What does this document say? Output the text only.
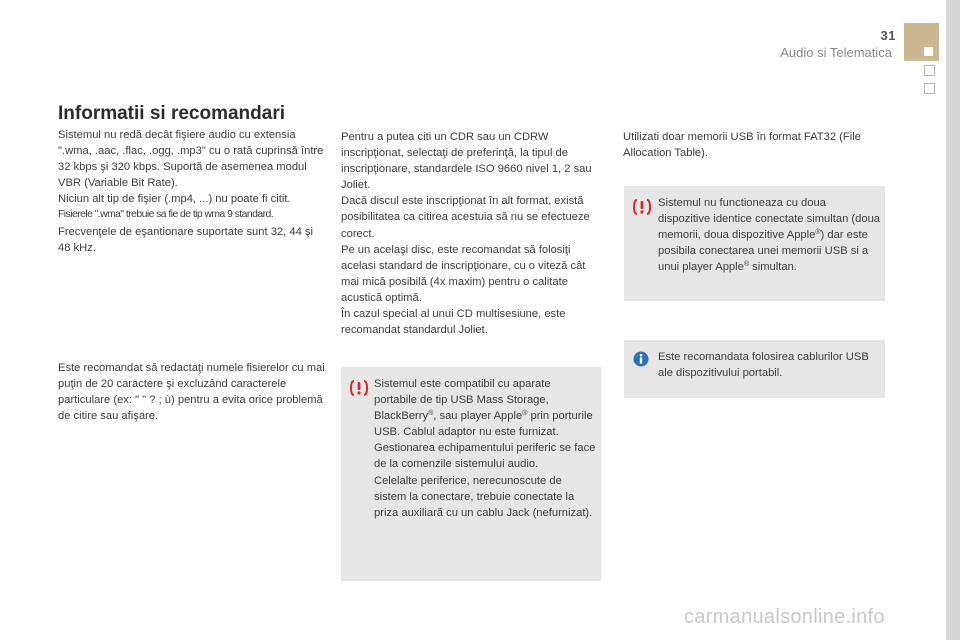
31
Audio si Telematica
Informatii si recomandari

Sistemul nu redă decât fişiere audio cu extensia ".wma, .aac, .flac, .ogg, .mp3" cu o rată cuprinsă între 32 kbps şi 320 kbps. Suportă de asemenea modul VBR (Variable Bit Rate).

Niciun alt tip de fişier (.mp4, ...) nu poate fi citit.

Fisierele ".wma" trebuie sa fie de tip wma 9 standard.

Frecvenţele de eşantionare suportate sunt 32, 44 şi 48 kHz.

Este recomandat să redactaţi numele fisierelor cu mai puţin de 20 caractere şi excluzând caracterele particulare (ex: " " ? ; ù) pentru a evita orice problemă de citire sau afişare.

Pentru a putea citi un CDR sau un CDRW inscripţionat, selectaţi de preferinţă, la tipul de inscripţionare, standardele ISO 9660 nivel 1, 2 sau Joliet.

Dacă discul este inscripţionat în alt format, există posibilitatea ca citirea acestuia să nu se efectueze corect.

Pe un acelaşi disc, este recomandat să folosiţi acelasi standard de inscripţionare, cu o viteză cât mai mică posibilă (4x maxim) pentru o calitate acustică optimă.

În cazul special al unui CD multisesiune, este recomandat standardul Joliet.

Sistemul este compatibil cu aparate portabile de tip USB Mass Storage, BlackBerry®, sau player Apple® prin porturile USB. Cablul adaptor nu este furnizat.

Gestionarea echipamentului periferic se face de la comenzile sistemului audio.

Celelalte periferice, nerecunoscute de sistem la conectare, trebuie conectate la priza auxiliară cu un cablu Jack (nefurnizat).

Utilizati doar memorii USB în format FAT32 (File Allocation Table).

Sistemul nu functioneaza cu doua dispozitive identice conectate simultan (doua memorii, doua dispozitive Apple®) dar este posibila conectarea unei memorii USB si a unui player Apple® simultan.

Este recomandata folosirea cablurilor USB ale dispozitivului portabil.
carmanualsonline.info
